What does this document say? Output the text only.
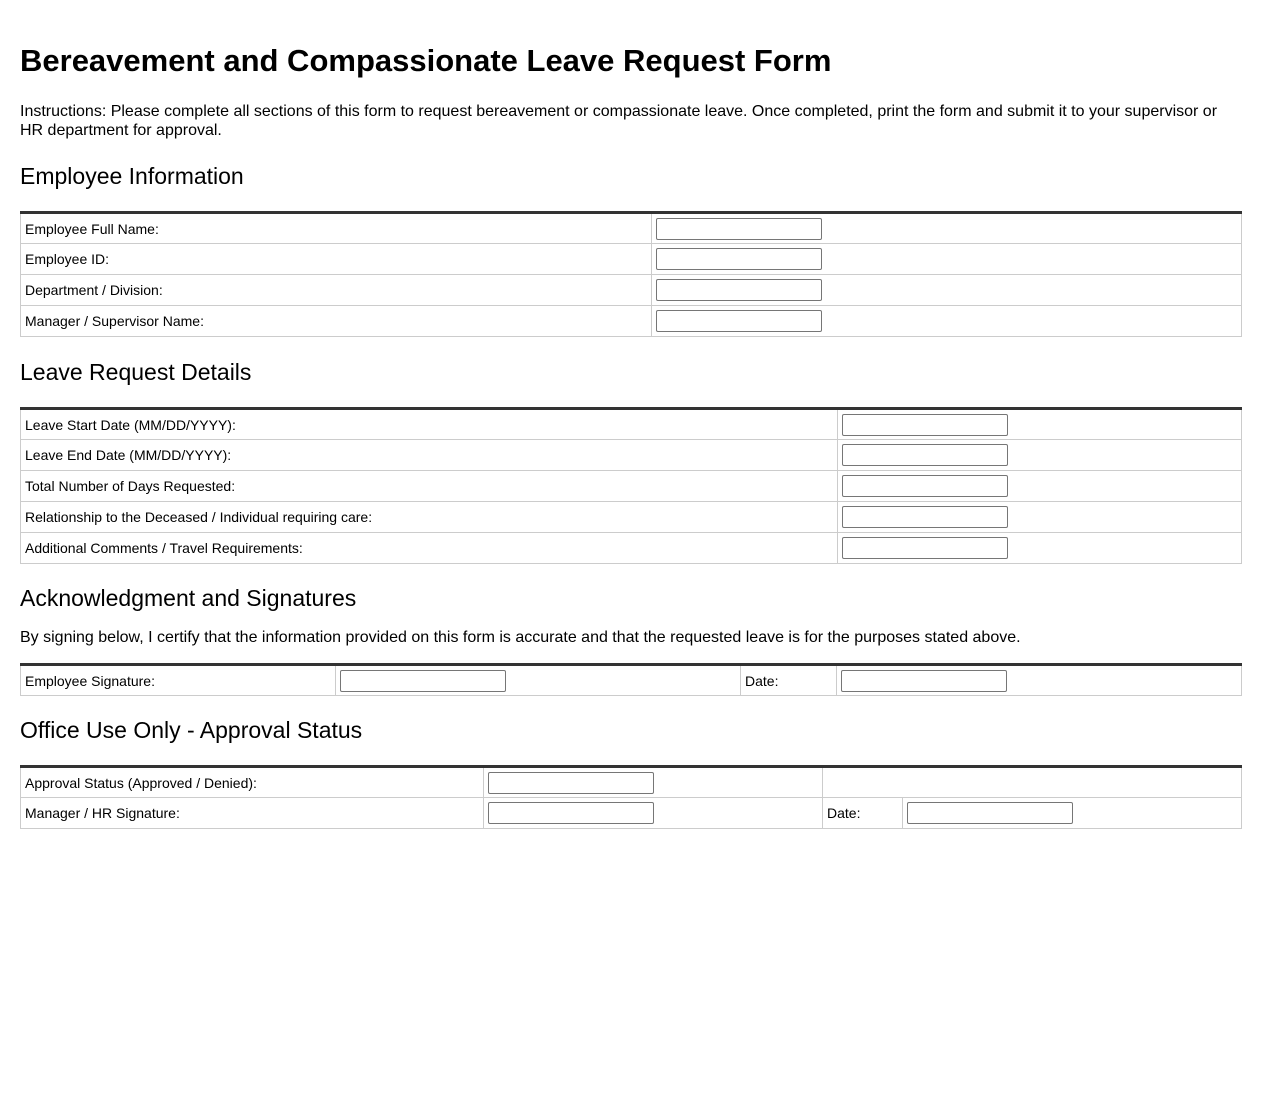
Bereavement and Compassionate Leave Request Form

Instructions: Please complete all sections of this form to request bereavement or compassionate leave. Once completed, print the form and submit it to your supervisor or HR department for approval.

Employee Information
Employee Full Name:	

Employee ID:	

Department / Division:	

Manager / Supervisor Name:	
Leave Request Details
Leave Start Date (MM/DD/YYYY):	

Leave End Date (MM/DD/YYYY):	

Total Number of Days Requested:	

Relationship to the Deceased / Individual requiring care:	

Additional Comments / Travel Requirements:	
Acknowledgment and Signatures

By signing below, I certify that the information provided on this form is accurate and that the requested leave is for the purposes stated above.

Employee Signature:		Date:	
Office Use Only - Approval Status
Approval Status (Approved / Denied):	

Manager / HR Signature:		Date:	
